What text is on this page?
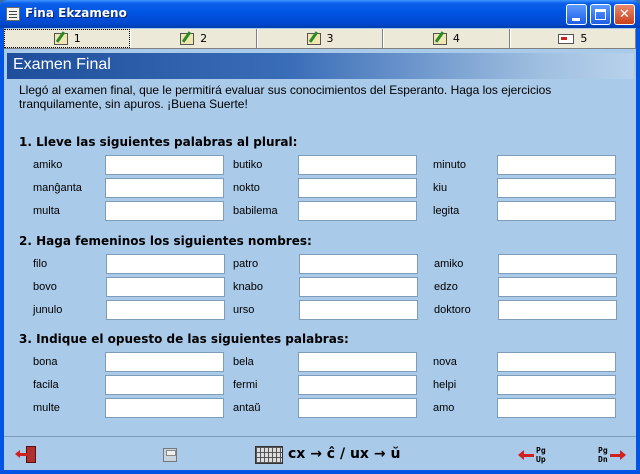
Fina Ekzameno	✕
1	2	3	4	5
Examen Final
Llegó al examen final, que le permitirá evaluar sus conocimientos del Esperanto. Haga los ejercicios tranquilamente, sin apuros. ¡Buena Suerte!
1. Lleve las siguientes palabras al plural:
amiko	butiko	minuto
manĝanta	nokto	kiu
multa	babilema	legita
2. Haga femeninos los siguientes nombres:
filo	patro	amiko
bovo	knabo	edzo
junulo	urso	doktoro
3. Indique el opuesto de las siguientes palabras:
bona	bela	nova
facila	fermi	helpi
multe	antaŭ	amo
cx → ĉ / ux → ŭ	Pg
Up
Pg
Dn
